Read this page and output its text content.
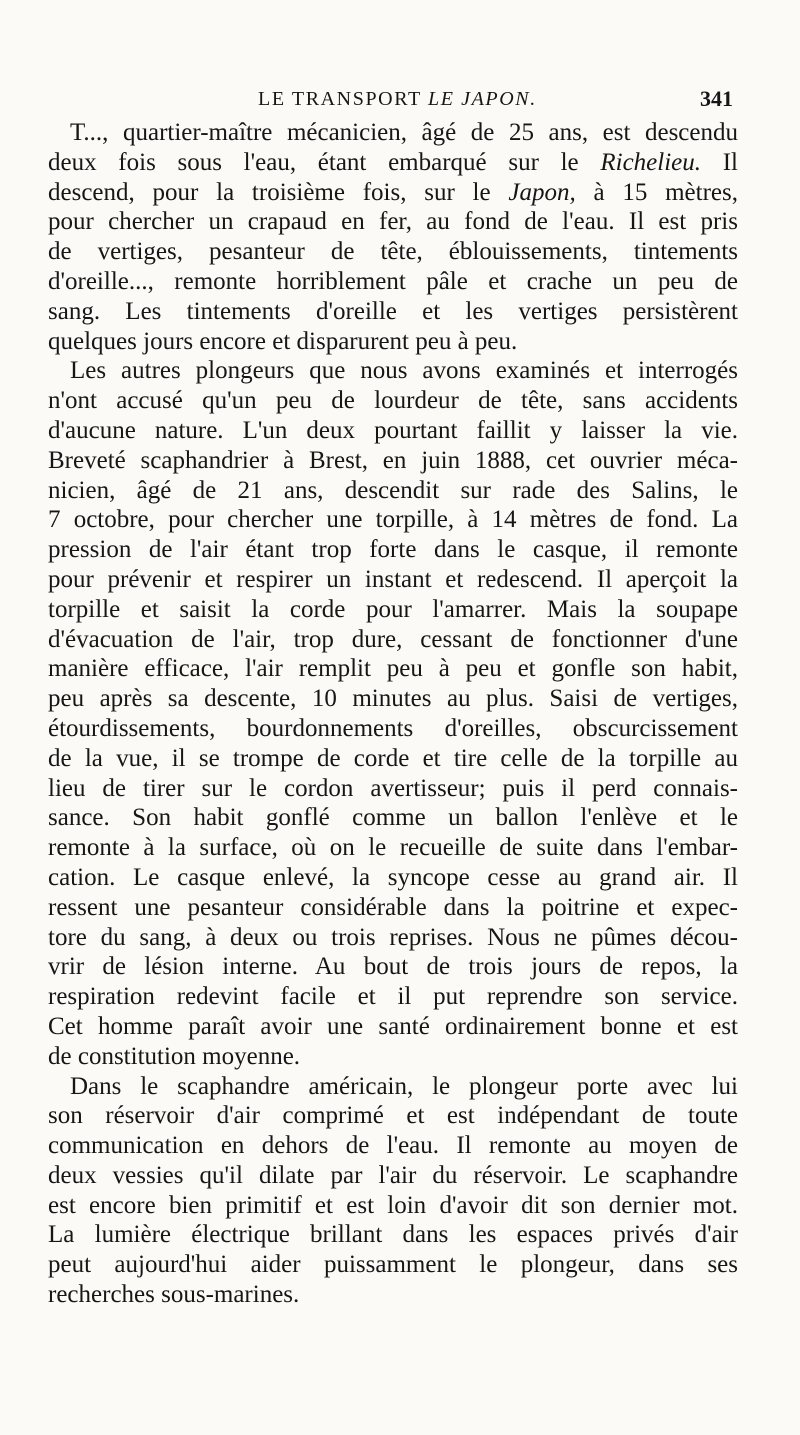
LE TRANSPORT LE JAPON.	341
T..., quartier-maître mécanicien, âgé de 25 ans, est descendu
deux fois sous l'eau, étant embarqué sur le Richelieu. Il
descend, pour la troisième fois, sur le Japon, à 15 mètres,
pour chercher un crapaud en fer, au fond de l'eau. Il est pris
de vertiges, pesanteur de tête, éblouissements, tintements
d'oreille..., remonte horriblement pâle et crache un peu de
sang. Les tintements d'oreille et les vertiges persistèrent
quelques jours encore et disparurent peu à peu.
Les autres plongeurs que nous avons examinés et interrogés
n'ont accusé qu'un peu de lourdeur de tête, sans accidents
d'aucune nature. L'un deux pourtant faillit y laisser la vie.
Breveté scaphandrier à Brest, en juin 1888, cet ouvrier méca-
nicien, âgé de 21 ans, descendit sur rade des Salins, le
7 octobre, pour chercher une torpille, à 14 mètres de fond. La
pression de l'air étant trop forte dans le casque, il remonte
pour prévenir et respirer un instant et redescend. Il aperçoit la
torpille et saisit la corde pour l'amarrer. Mais la soupape
d'évacuation de l'air, trop dure, cessant de fonctionner d'une
manière efficace, l'air remplit peu à peu et gonfle son habit,
peu après sa descente, 10 minutes au plus. Saisi de vertiges,
étourdissements, bourdonnements d'oreilles, obscurcissement
de la vue, il se trompe de corde et tire celle de la torpille au
lieu de tirer sur le cordon avertisseur; puis il perd connais-
sance. Son habit gonflé comme un ballon l'enlève et le
remonte à la surface, où on le recueille de suite dans l'embar-
cation. Le casque enlevé, la syncope cesse au grand air. Il
ressent une pesanteur considérable dans la poitrine et expec-
tore du sang, à deux ou trois reprises. Nous ne pûmes décou-
vrir de lésion interne. Au bout de trois jours de repos, la
respiration redevint facile et il put reprendre son service.
Cet homme paraît avoir une santé ordinairement bonne et est
de constitution moyenne.
Dans le scaphandre américain, le plongeur porte avec lui
son réservoir d'air comprimé et est indépendant de toute
communication en dehors de l'eau. Il remonte au moyen de
deux vessies qu'il dilate par l'air du réservoir. Le scaphandre
est encore bien primitif et est loin d'avoir dit son dernier mot.
La lumière électrique brillant dans les espaces privés d'air
peut aujourd'hui aider puissamment le plongeur, dans ses
recherches sous-marines.
